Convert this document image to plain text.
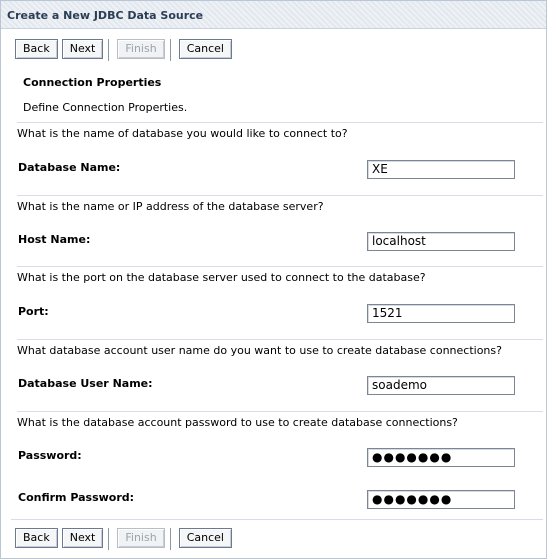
Create a New JDBC Data Source
Back	Next	Finish	Cancel
Connection Properties
Define Connection Properties.
What is the name of database you would like to connect to?
Database Name:	XE
What is the name or IP address of the database server?
Host Name:	localhost
What is the port on the database server used to connect to the database?
Port:	1521
What database account user name do you want to use to create database connections?
Database User Name:	soademo
What is the database account password to use to create database connections?
Password:	●●●●●●●
Confirm Password:	●●●●●●●
Back	Next	Finish	Cancel
